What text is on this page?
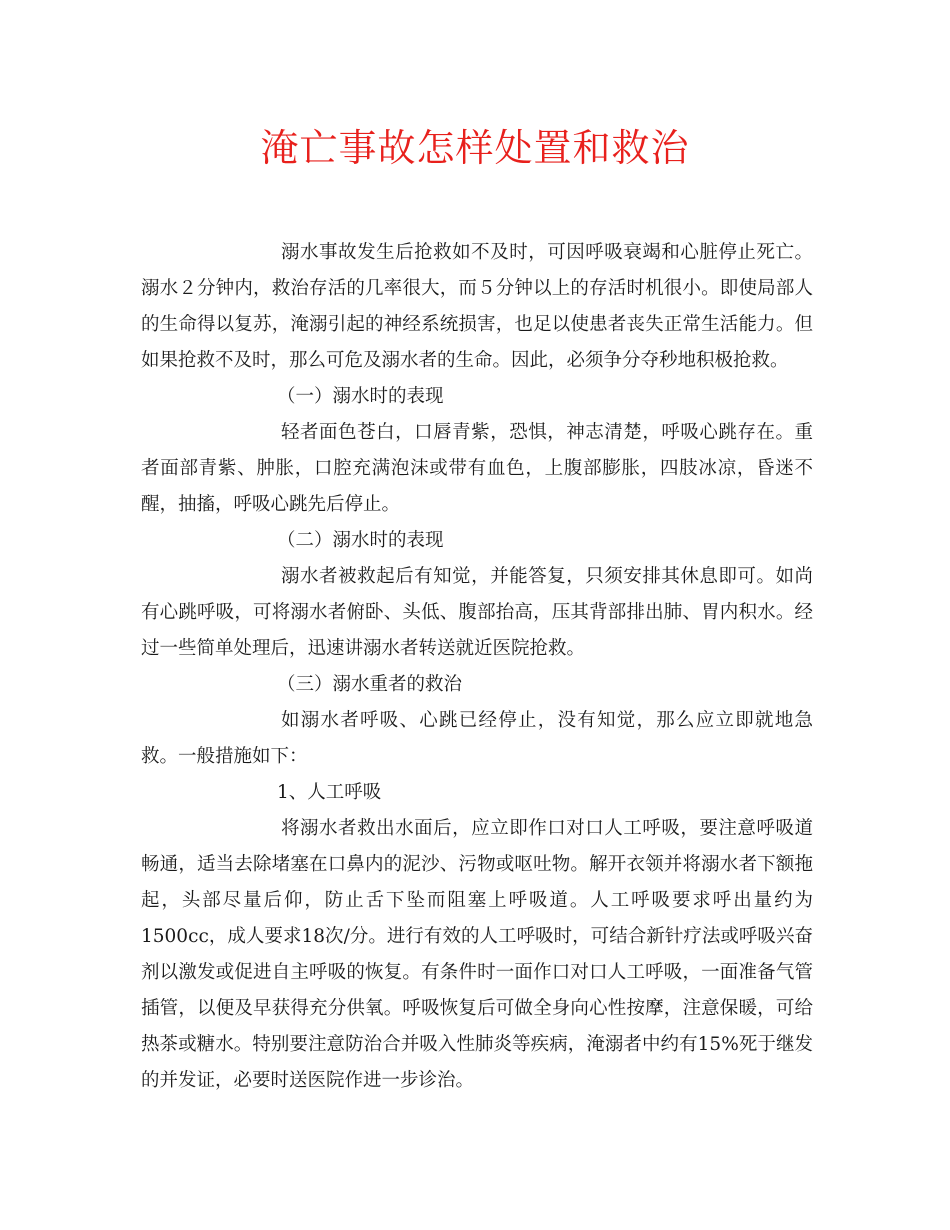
淹亡事故怎样处置和救治

溺水事故发生后抢救如不及时，可因呼吸衰竭和心脏停止死亡。溺水２分钟内，救治存活的几率很大，而５分钟以上的存活时机很小。即使局部人的生命得以复苏，淹溺引起的神经系统损害，也足以使患者丧失正常生活能力。但如果抢救不及时，那么可危及溺水者的生命。因此，必须争分夺秒地积极抢救。

（一）溺水时的表现

轻者面色苍白，口唇青紫，恐惧，神志清楚，呼吸心跳存在。重者面部青紫、肿胀，口腔充满泡沫或带有血色，上腹部膨胀，四肢冰凉，昏迷不醒，抽搐，呼吸心跳先后停止。

（二）溺水时的表现

溺水者被救起后有知觉，并能答复，只须安排其休息即可。如尚有心跳呼吸，可将溺水者俯卧、头低、腹部抬高，压其背部排出肺、胃内积水。经过一些简单处理后，迅速讲溺水者转送就近医院抢救。

（三）溺水重者的救治

如溺水者呼吸、心跳已经停止，没有知觉，那么应立即就地急救。一般措施如下：

1、人工呼吸

将溺水者救出水面后，应立即作口对口人工呼吸，要注意呼吸道畅通，适当去除堵塞在口鼻内的泥沙、污物或呕吐物。解开衣领并将溺水者下额拖起，头部尽量后仰，防止舌下坠而阻塞上呼吸道。人工呼吸要求呼出量约为1500cc，成人要求18次/分。进行有效的人工呼吸时，可结合新针疗法或呼吸兴奋剂以激发或促进自主呼吸的恢复。有条件时一面作口对口人工呼吸，一面准备气管插管，以便及早获得充分供氧。呼吸恢复后可做全身向心性按摩，注意保暖，可给热茶或糖水。特别要注意防治合并吸入性肺炎等疾病，淹溺者中约有15%死于继发的并发证，必要时送医院作进一步诊治。
